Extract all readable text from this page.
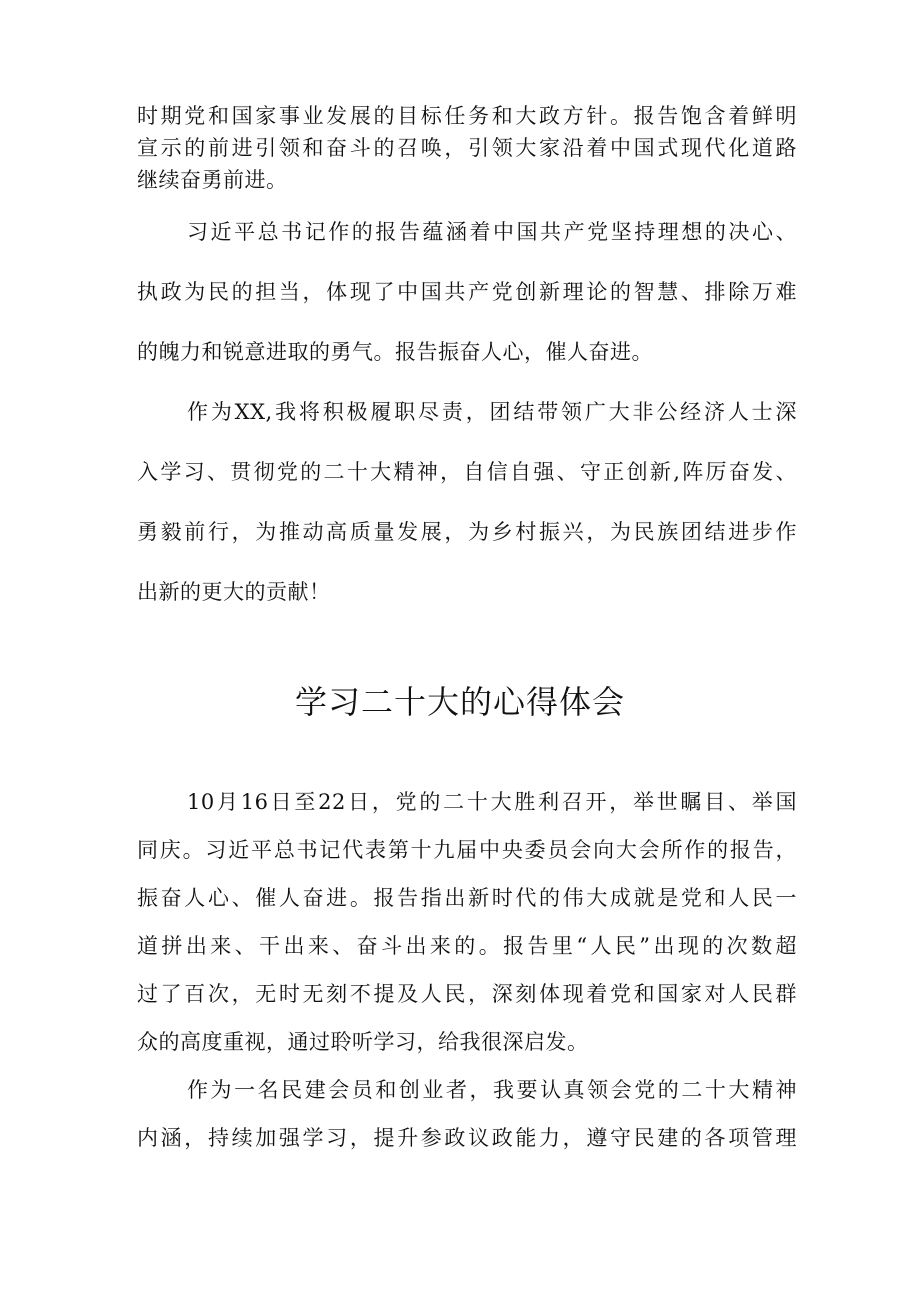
时期党和国家事业发展的目标任务和大政方针。报告饱含着鲜明
宣示的前进引领和奋斗的召唤，引领大家沿着中国式现代化道路
继续奋勇前进。
习近平总书记作的报告蕴涵着中国共产党坚持理想的决心、
执政为民的担当，体现了中国共产党创新理论的智慧、排除万难
的魄力和锐意进取的勇气。报告振奋人心，催人奋进。
作为XX,我将积极履职尽责，团结带领广大非公经济人士深
入学习、贯彻党的二十大精神，自信自强、守正创新,阵厉奋发、
勇毅前行，为推动高质量发展，为乡村振兴，为民族团结进步作
出新的更大的贡献！
学习二十大的心得体会
10月16日至22日，党的二十大胜利召开，举世瞩目、举国
同庆。习近平总书记代表第十九届中央委员会向大会所作的报告，
振奋人心、催人奋进。报告指出新时代的伟大成就是党和人民一
道拼出来、干出来、奋斗出来的。报告里“人民”出现的次数超
过了百次，无时无刻不提及人民，深刻体现着党和国家对人民群
众的高度重视，通过聆听学习，给我很深启发。
作为一名民建会员和创业者，我要认真领会党的二十大精神
内涵，持续加强学习，提升参政议政能力，遵守民建的各项管理
